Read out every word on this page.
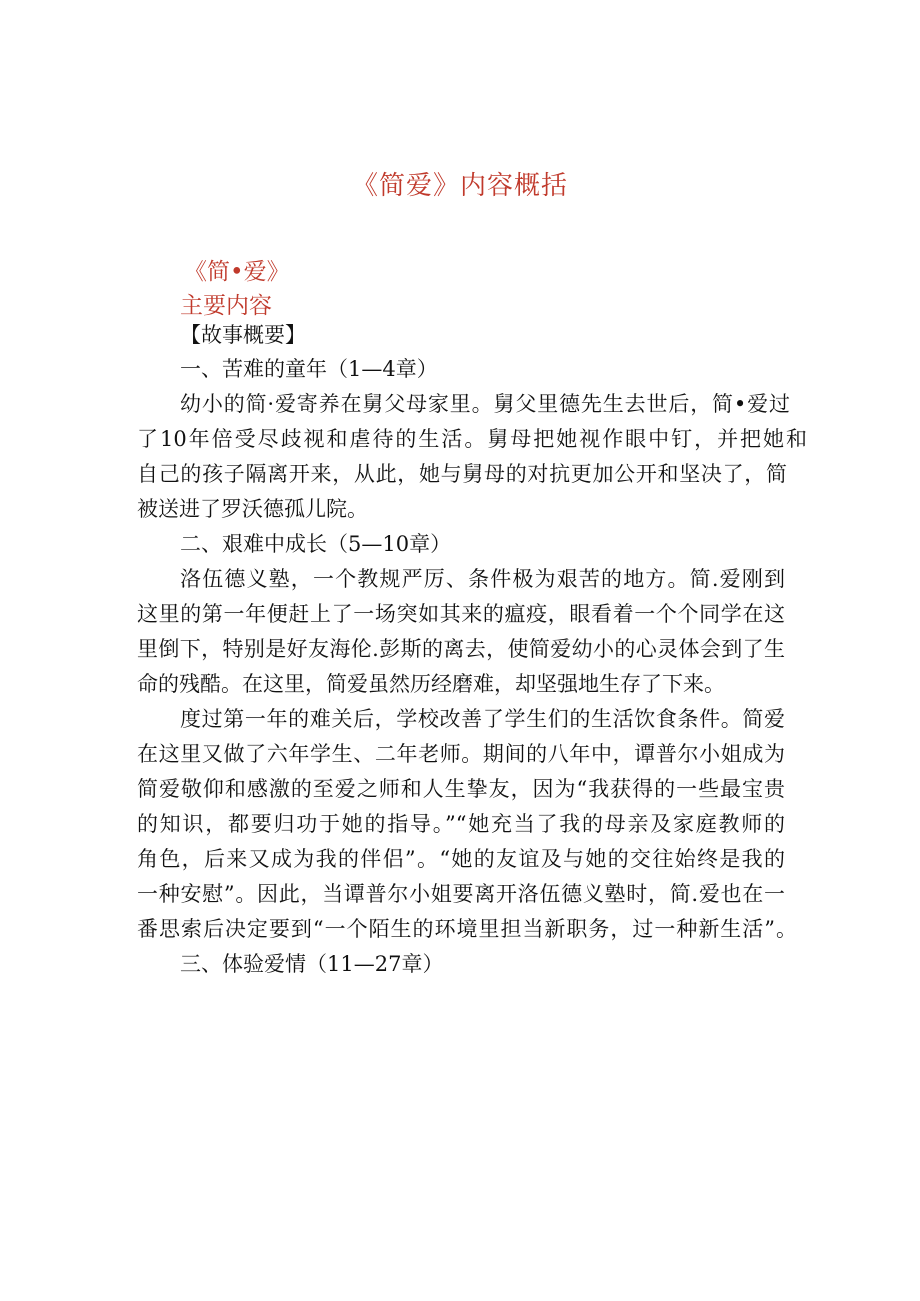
《简爱》内容概括
《简•爱》
主要内容
【故事概要】
一、苦难的童年（1—4章）
幼小的简·爱寄养在舅父母家里。舅父里德先生去世后，简•爱过
了10年倍受尽歧视和虐待的生活。舅母把她视作眼中钉，并把她和
自己的孩子隔离开来，从此，她与舅母的对抗更加公开和坚决了，简
被送进了罗沃德孤儿院。
二、艰难中成长（5—10章）
洛伍德义塾，一个教规严厉、条件极为艰苦的地方。简.爱刚到
这里的第一年便赶上了一场突如其来的瘟疫，眼看着一个个同学在这
里倒下，特别是好友海伦.彭斯的离去，使简爱幼小的心灵体会到了生
命的残酷。在这里，简爱虽然历经磨难，却坚强地生存了下来。
度过第一年的难关后，学校改善了学生们的生活饮食条件。简爱
在这里又做了六年学生、二年老师。期间的八年中，谭普尔小姐成为
简爱敬仰和感激的至爱之师和人生挚友，因为“我获得的一些最宝贵
的知识，都要归功于她的指导。”“她充当了我的母亲及家庭教师的
角色，后来又成为我的伴侣”。“她的友谊及与她的交往始终是我的
一种安慰”。因此，当谭普尔小姐要离开洛伍德义塾时，简.爱也在一
番思索后决定要到“一个陌生的环境里担当新职务，过一种新生活”。
三、体验爱情（11—27章）
